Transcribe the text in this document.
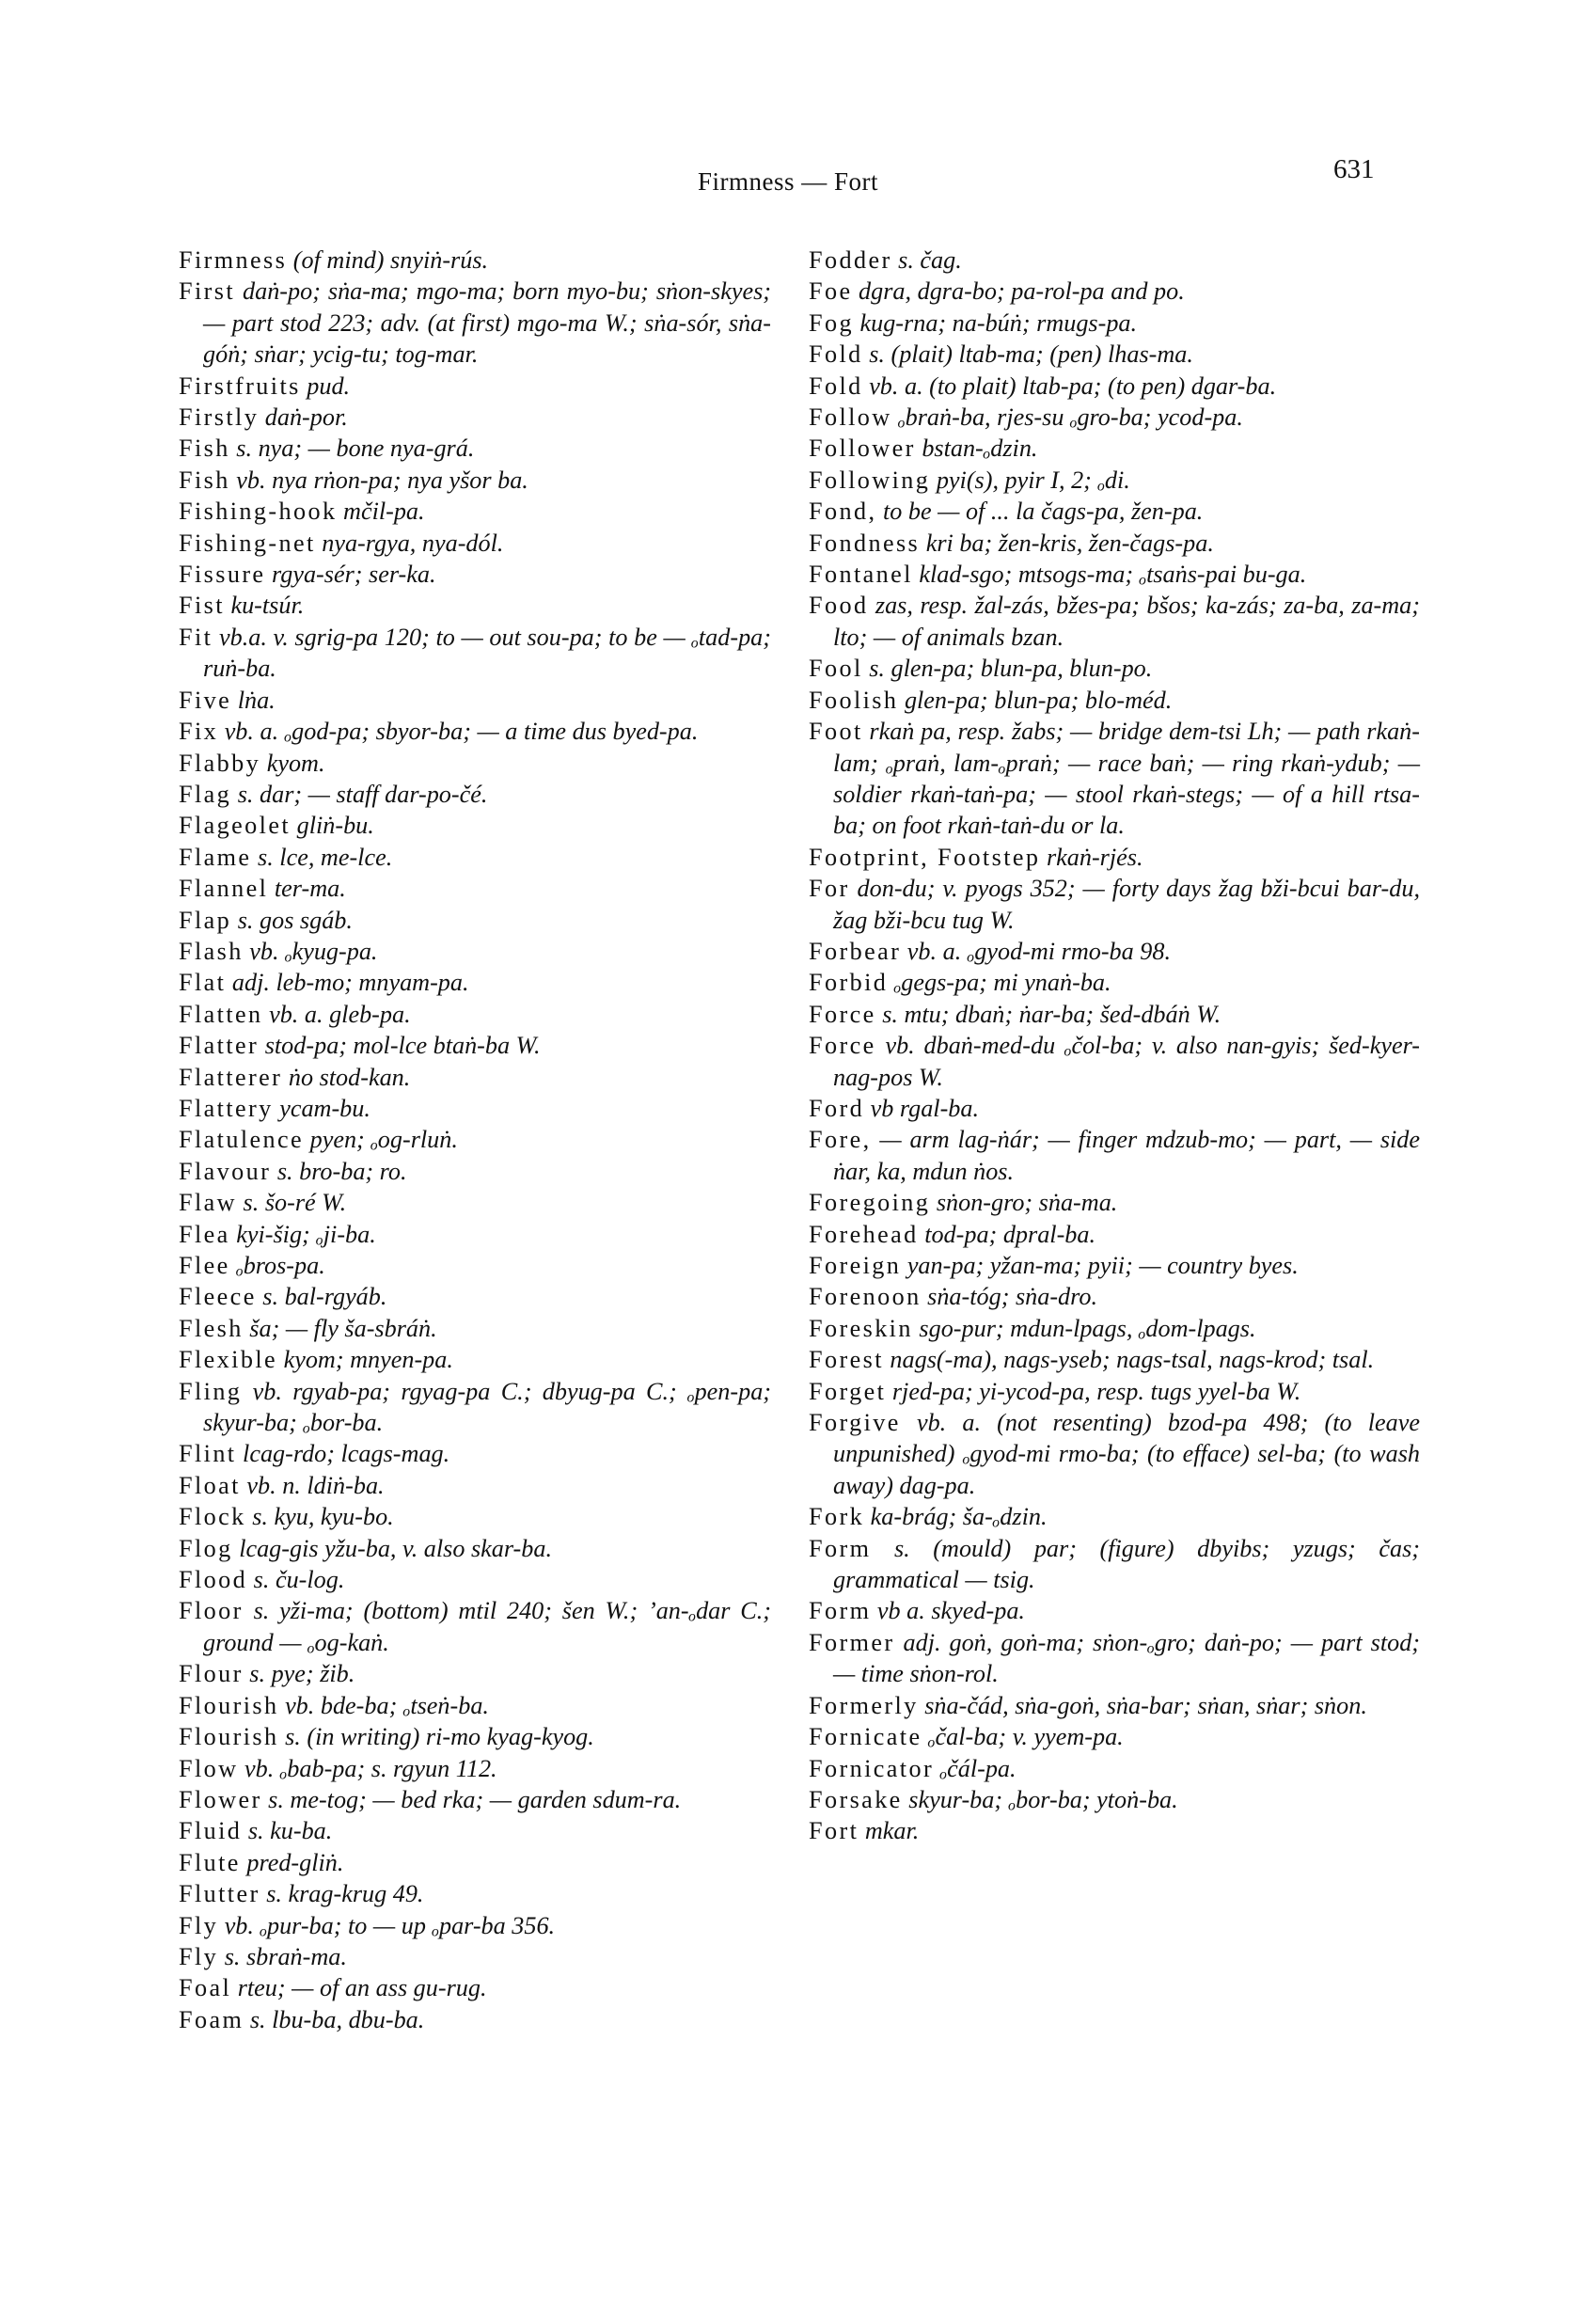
Firmness — Fort	631
Firmness (of mind) snyiṅ-rús.
First daṅ-po; sṅa-ma; mgo-ma; born myo-bu; sṅon-skyes; — part stod 223; adv. (at first) mgo-ma W.; sṅa-sór, sṅa-góṅ; sṅar; ycig-tu; tog-mar.
Firstfruits pud.
Firstly daṅ-por.
Fish s. nya; — bone nya-grá.
Fish vb. nya rṅon-pa; nya yšor ba.
Fishing-hook mčil-pa.
Fishing-net nya-rgya, nya-dól.
Fissure rgya-sér; ser-ka.
Fist ku-tsúr.
Fit vb.a. v. sgrig-pa 120; to — out sou-pa; to be — ₒtad-pa; ruṅ-ba.
Five lṅa.
Fix vb. a. ₒgod-pa; sbyor-ba; — a time dus byed-pa.
Flabby kyom.
Flag s. dar; — staff dar-po-čé.
Flageolet gliṅ-bu.
Flame s. lce, me-lce.
Flannel ter-ma.
Flap s. gos sgáb.
Flash vb. ₒkyug-pa.
Flat adj. leb-mo; mnyam-pa.
Flatten vb. a. gleb-pa.
Flatter stod-pa; mol-lce btaṅ-ba W.
Flatterer ṅo stod-kan.
Flattery ycam-bu.
Flatulence pyen; ₒog-rluṅ.
Flavour s. bro-ba; ro.
Flaw s. šo-ré W.
Flea kyi-šig; ₒji-ba.
Flee ₒbros-pa.
Fleece s. bal-rgyáb.
Flesh ša; — fly ša-sbráṅ.
Flexible kyom; mnyen-pa.
Fling vb. rgyab-pa; rgyag-pa C.; dbyug-pa C.; ₒpen-pa; skyur-ba; ₒbor-ba.
Flint lcag-rdo; lcags-mag.
Float vb. n. ldiṅ-ba.
Flock s. kyu, kyu-bo.
Flog lcag-gis yžu-ba, v. also skar-ba.
Flood s. ču-log.
Floor s. yži-ma; (bottom) mtil 240; šen W.; ’an-ₒdar C.; ground — ₒog-kaṅ.
Flour s. pye; žib.
Flourish vb. bde-ba; ₒtseṅ-ba.
Flourish s. (in writing) ri-mo kyag-kyog.
Flow vb. ₒbab-pa; s. rgyun 112.
Flower s. me-tog; — bed rka; — garden sdum-ra.
Fluid s. ku-ba.
Flute pred-gliṅ.
Flutter s. krag-krug 49.
Fly vb. ₒpur-ba; to — up ₒpar-ba 356.
Fly s. sbraṅ-ma.
Foal rteu; — of an ass gu-rug.
Foam s. lbu-ba, dbu-ba.
Fodder s. čag.
Foe dgra, dgra-bo; pa-rol-pa and po.
Fog kug-rna; na-búṅ; rmugs-pa.
Fold s. (plait) ltab-ma; (pen) lhas-ma.
Fold vb. a. (to plait) ltab-pa; (to pen) dgar-ba.
Follow ₒbraṅ-ba, rjes-su ₒgro-ba; ycod-pa.
Follower bstan-ₒdzin.
Following pyi(s), pyir I, 2; ₒdi.
Fond, to be — of ... la čags-pa, žen-pa.
Fondness kri ba; žen-kris, žen-čags-pa.
Fontanel klad-sgo; mtsogs-ma; ₒtsaṅs-pai bu-ga.
Food zas, resp. žal-zás, bžes-pa; bšos; ka-zás; za-ba, za-ma; lto; — of animals bzan.
Fool s. glen-pa; blun-pa, blun-po.
Foolish glen-pa; blun-pa; blo-méd.
Foot rkaṅ pa, resp. žabs; — bridge dem-tsi Lh; — path rkaṅ-lam; ₒpraṅ, lam-ₒpraṅ; — race baṅ; — ring rkaṅ-ydub; — soldier rkaṅ-taṅ-pa; — stool rkaṅ-stegs; — of a hill rtsa-ba; on foot rkaṅ-taṅ-du or la.
Footprint, Footstep rkaṅ-rjés.
For don-du; v. pyogs 352; — forty days žag bži-bcui bar-du, žag bži-bcu tug W.
Forbear vb. a. ₒgyod-mi rmo-ba 98.
Forbid ₒgegs-pa; mi ynaṅ-ba.
Force s. mtu; dbaṅ; ṅar-ba; šed-dbáṅ W.
Force vb. dbaṅ-med-du ₒčol-ba; v. also nan-gyis; šed-kyer-nag-pos W.
Ford vb rgal-ba.
Fore, — arm lag-ṅár; — finger mdzub-mo; — part, — side ṅar, ka, mdun ṅos.
Foregoing sṅon-gro; sṅa-ma.
Forehead tod-pa; dpral-ba.
Foreign yan-pa; yžan-ma; pyii; — country byes.
Forenoon sṅa-tóg; sṅa-dro.
Foreskin sgo-pur; mdun-lpags, ₒdom-lpags.
Forest nags(-ma), nags-yseb; nags-tsal, nags-krod; tsal.
Forget rjed-pa; yi-ycod-pa, resp. tugs yyel-ba W.
Forgive vb. a. (not resenting) bzod-pa 498; (to leave unpunished) ₒgyod-mi rmo-ba; (to efface) sel-ba; (to wash away) dag-pa.
Fork ka-brág; ša-ₒdzin.
Form s. (mould) par; (figure) dbyibs; yzugs; čas; grammatical — tsig.
Form vb a. skyed-pa.
Former adj. goṅ, goṅ-ma; sṅon-ₒgro; daṅ-po; — part stod; — time sṅon-rol.
Formerly sṅa-čád, sṅa-goṅ, sṅa-bar; sṅan, sṅar; sṅon.
Fornicate ₒčal-ba; v. yyem-pa.
Fornicator ₒčál-pa.
Forsake skyur-ba; ₒbor-ba; ytoṅ-ba.
Fort mkar.
